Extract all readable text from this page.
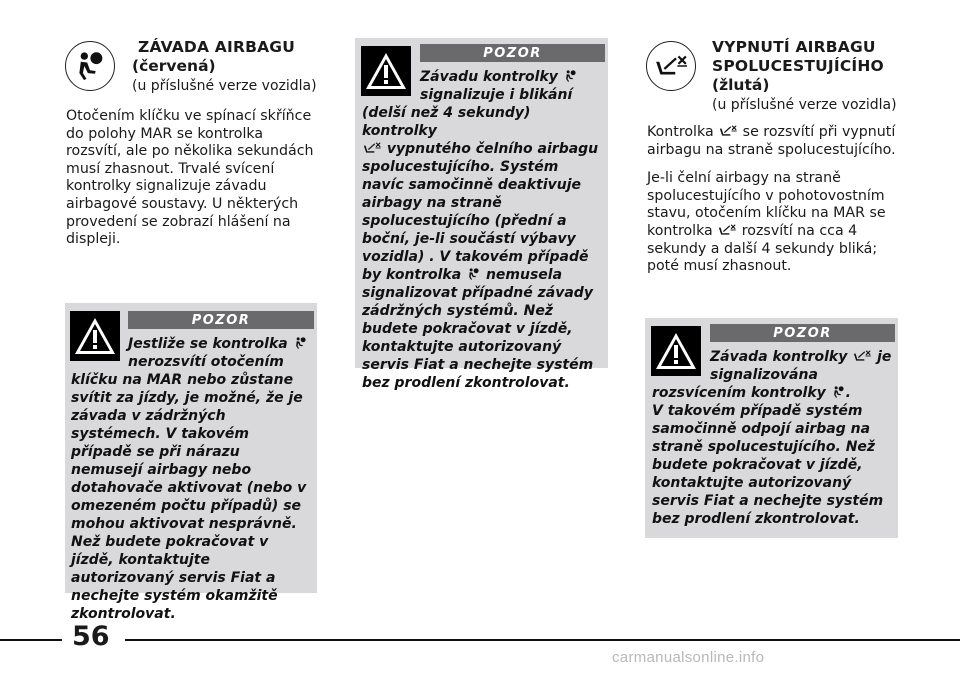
ZÁVADA AIRBAGU
(červená)
(u příslušné verze vozidla)

Otočením klíčku ve spínací skříňce do polohy MAR se kontrolka rozsvítí, ale po několika sekundách musí zhasnout. Trvalé svícení kontrolky signalizuje závadu airbagové soustavy. U některých provedení se zobrazí hlášení na displeji.

POZOR
Jestliže se kontrolka
nerozsvítí otočením
klíčku na MAR nebo zůstane svítit za jízdy, je možné, že je závada v zádržných systémech. V takovém případě se při nárazu nemusejí airbagy nebo dotahovače aktivovat (nebo v omezeném počtu případů) se mohou aktivovat nesprávně. Než budete pokračovat v jízdě, kontaktujte autorizovaný servis Fiat a nechejte systém okamžitě zkontrolovat.
POZOR
Závadu kontrolky
signalizuje i blikání
(delší než 4 sekundy) kontrolky
vypnutého čelního airbagu spolucestujícího. Systém navíc samočinně deaktivuje airbagy na straně spolucestujícího (přední a boční, je-li součástí výbavy vozidla) . V takovém případě by kontrolka nemusela signalizovat případné závady zádržných systémů. Než budete pokračovat v jízdě, kontaktujte autorizovaný servis Fiat a nechejte systém bez prodlení zkontrolovat.
VYPNUTÍ AIRBAGU
SPOLUCESTUJÍCÍHO
(žlutá)
(u příslušné verze vozidla)

Kontrolka se rozsvítí při vypnutí airbagu na straně spolucestujícího.

Je-li čelní airbagy na straně spolucestujícího v pohotovostním stavu, otočením klíčku na MAR se kontrolka rozsvítí na cca 4 sekundy a další 4 sekundy bliká; poté musí zhasnout.

POZOR
Závada kontrolky je
signalizována
rozsvícením kontrolky .
V takovém případě systém samočinně odpojí airbag na straně spolucestujícího. Než budete pokračovat v jízdě, kontaktujte autorizovaný servis Fiat a nechejte systém bez prodlení zkontrolovat.
56
carmanualsonline.info
